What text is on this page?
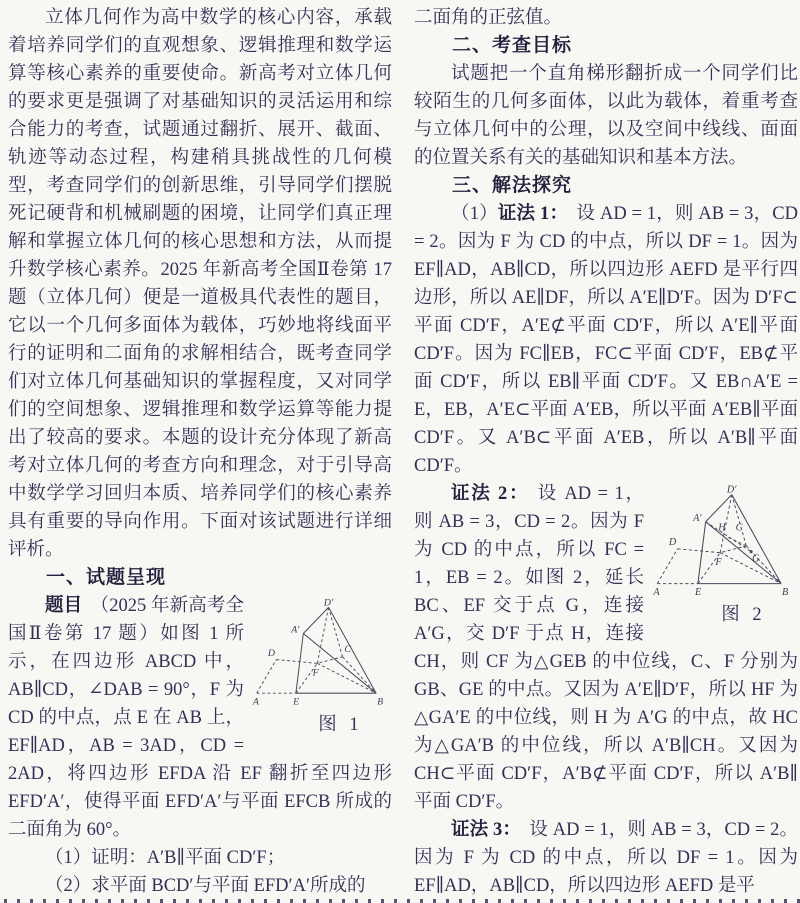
立体几何作为高中数学的核心内容，承载着培养同学们的直观想象、逻辑推理和数学运算等核心素养的重要使命。新高考对立体几何的要求更是强调了对基础知识的灵活运用和综合能力的考查，试题通过翻折、展开、截面、轨迹等动态过程，构建稍具挑战性的几何模型，考查同学们的创新思维，引导同学们摆脱死记硬背和机械刷题的困境，让同学们真正理解和掌握立体几何的核心思想和方法，从而提升数学核心素养。2025 年新高考全国Ⅱ卷第 17 题（立体几何）便是一道极具代表性的题目，它以一个几何多面体为载体，巧妙地将线面平行的证明和二面角的求解相结合，既考查同学们对立体几何基础知识的掌握程度，又对同学们的空间想象、逻辑推理和数学运算等能力提出了较高的要求。本题的设计充分体现了新高考对立体几何的考查方向和理念，对于引导高中数学学习回归本质、培养同学们的核心素养具有重要的导向作用。下面对该试题进行详细评析。

一、试题呈现

D′
A′
D	C
F
A	E	B
图 1
题目 （2025 年新高考全国Ⅱ卷第 17 题）如图 1 所示，在四边形 ABCD 中，AB∥CD，∠DAB = 90°，F 为 CD 的中点，点 E 在 AB 上，EF∥AD，AB = 3AD，CD = 2AD，将四边形 EFDA 沿 EF 翻折至四边形 EFD′A′，使得平面 EFD′A′与平面 EFCB 所成的二面角为 60°。

（1）证明：A′B∥平面 CD′F；

（2）求平面 BCD′与平面 EFD′A′所成的

二面角的正弦值。

二、考查目标

试题把一个直角梯形翻折成一个同学们比较陌生的几何多面体，以此为载体，着重考查与立体几何中的公理，以及空间中线线、面面的位置关系有关的基础知识和基本方法。

三、解法探究

（1）证法 1： 设 AD = 1，则 AB = 3，CD = 2。因为 F 为 CD 的中点，所以 DF = 1。因为 EF∥AD，AB∥CD，所以四边形 AEFD 是平行四边形，所以 AE∥DF，所以 A′E∥D′F。因为 D′F⊂平面 CD′F，A′E⊄平面 CD′F，所以 A′E∥平面 CD′F。因为 FC∥EB，FC⊂平面 CD′F，EB⊄平面 CD′F，所以 EB∥平面 CD′F。又 EB∩A′E = E，EB，A′E⊂平面 A′EB，所以平面 A′EB∥平面 CD′F。又 A′B⊂平面 A′EB，所以 A′B∥平面 CD′F。

D′
A′
H C
D
F	G
A	E	B
图 2
证法 2： 设 AD = 1，则 AB = 3，CD = 2。因为 F 为 CD 的中点，所以 FC = 1，EB = 2。如图 2，延长 BC、EF 交于点 G，连接 A′G，交 D′F 于点 H，连接 CH，则 CF 为△GEB 的中位线，C、F 分别为 GB、GE 的中点。又因为 A′E∥D′F，所以 HF 为△GA′E 的中位线，则 H 为 A′G 的中点，故 HC 为△GA′B 的中位线，所以 A′B∥CH。又因为 CH⊂平面 CD′F，A′B⊄平面 CD′F，所以 A′B∥平面 CD′F。

证法 3： 设 AD = 1，则 AB = 3，CD = 2。因为 F 为 CD 的中点，所以 DF = 1。因为 EF∥AD，AB∥CD，所以四边形 AEFD 是平
